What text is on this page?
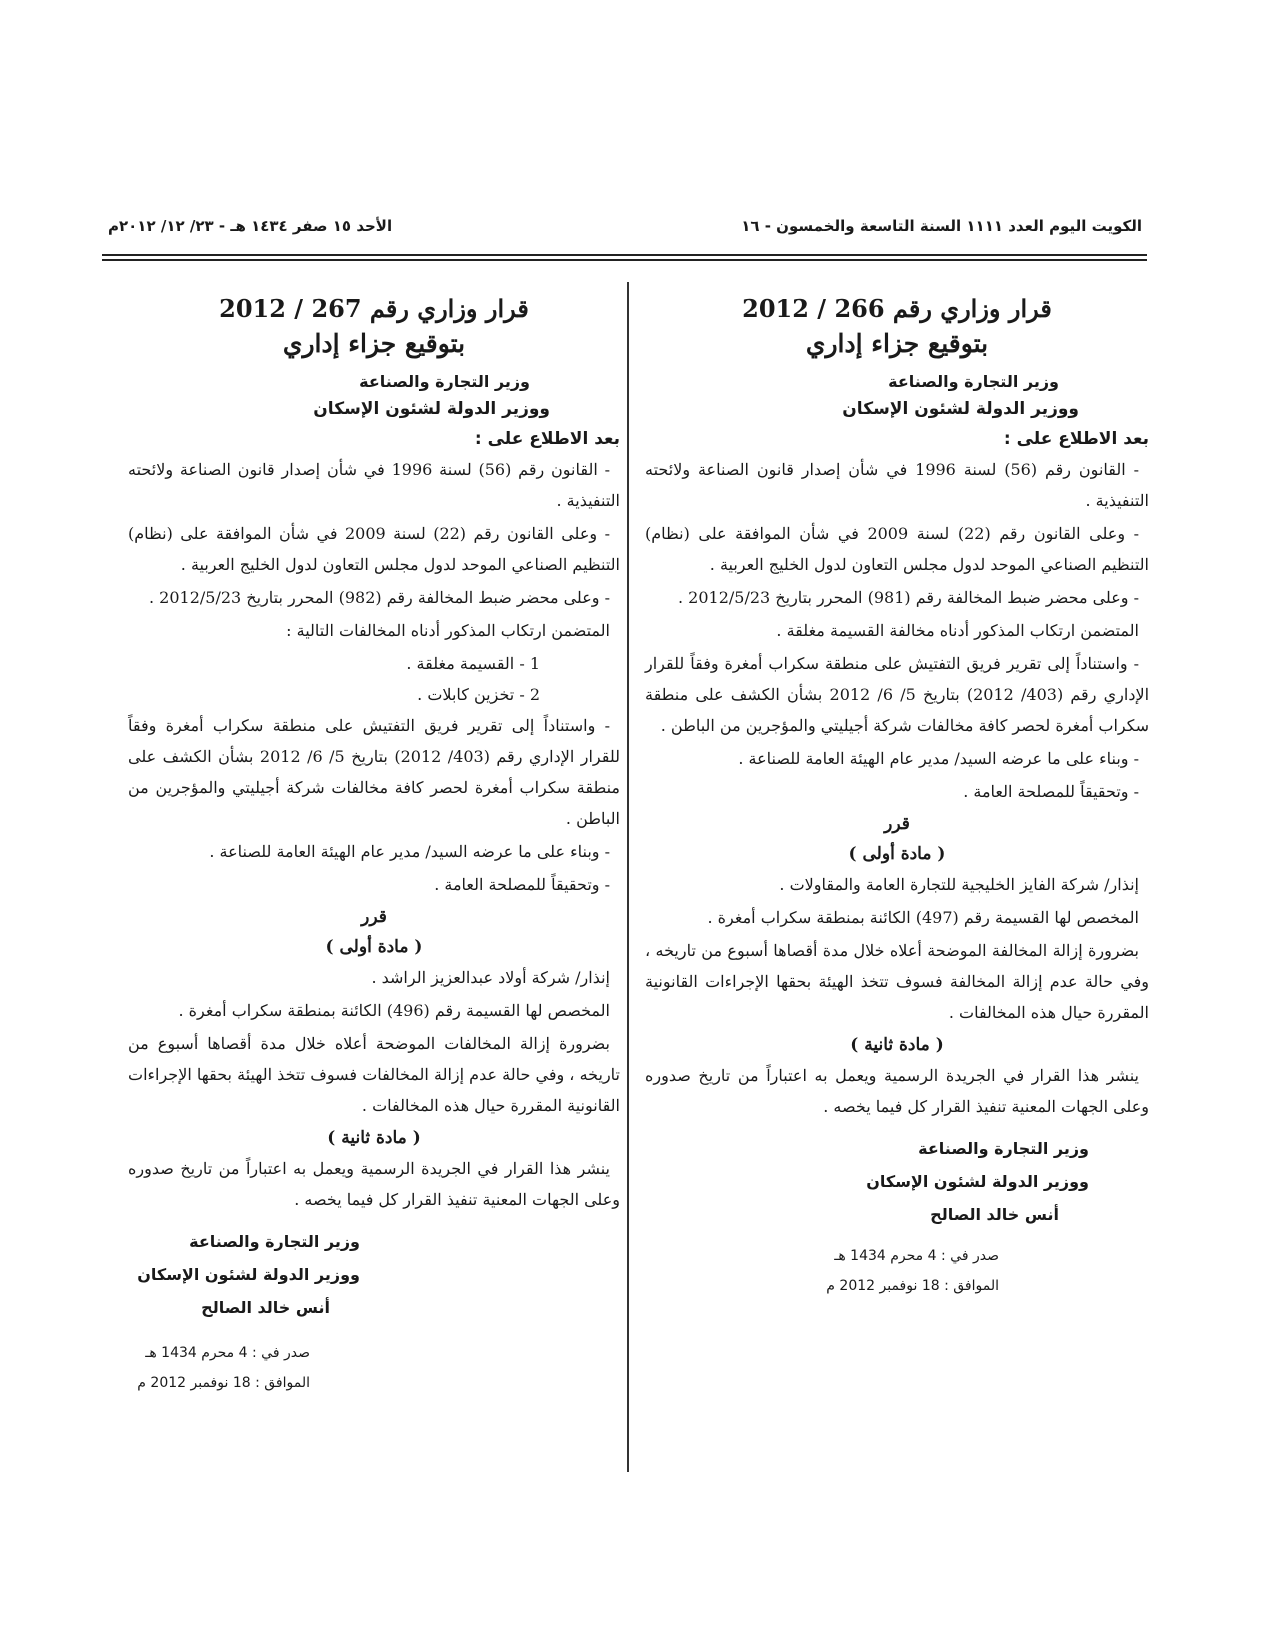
الكويت اليوم العدد ١١١١ السنة التاسعة والخمسون - ١٦
الأحد ١٥ صفر ١٤٣٤ هـ - ٢٣/ ١٢/ ٢٠١٢م
قرار وزاري رقم 266 / 2012
بتوقيع جزاء إداري
وزير التجارة والصناعة
ووزير الدولة لشئون الإسكان
بعد الاطلاع على :
- القانون رقم (56) لسنة 1996 في شأن إصدار قانون الصناعة ولائحته التنفيذية .
- وعلى القانون رقم (22) لسنة 2009 في شأن الموافقة على (نظام) التنظيم الصناعي الموحد لدول مجلس التعاون لدول الخليج العربية .
- وعلى محضر ضبط المخالفة رقم (981) المحرر بتاريخ 2012/5/23 .
المتضمن ارتكاب المذكور أدناه مخالفة القسيمة مغلقة .
- واستناداً إلى تقرير فريق التفتيش على منطقة سكراب أمغرة وفقاً للقرار الإداري رقم (403/ 2012) بتاريخ 5/ 6/ 2012 بشأن الكشف على منطقة سكراب أمغرة لحصر كافة مخالفات شركة أجيليتي والمؤجرين من الباطن .
- وبناء على ما عرضه السيد/ مدير عام الهيئة العامة للصناعة .
- وتحقيقاً للمصلحة العامة .
قرر
( مادة أولى )
إنذار/ شركة الفايز الخليجية للتجارة العامة والمقاولات .
المخصص لها القسيمة رقم (497) الكائنة بمنطقة سكراب أمغرة .
بضرورة إزالة المخالفة الموضحة أعلاه خلال مدة أقصاها أسبوع من تاريخه ، وفي حالة عدم إزالة المخالفة فسوف تتخذ الهيئة بحقها الإجراءات القانونية المقررة حيال هذه المخالفات .
( مادة ثانية )
ينشر هذا القرار في الجريدة الرسمية ويعمل به اعتباراً من تاريخ صدوره وعلى الجهات المعنية تنفيذ القرار كل فيما يخصه .
وزير التجارة والصناعة
ووزير الدولة لشئون الإسكان
أنس خالد الصالح
صدر في : 4 محرم 1434 هـ
الموافق : 18 نوفمبر 2012 م
قرار وزاري رقم 267 / 2012
بتوقيع جزاء إداري
وزير التجارة والصناعة
ووزير الدولة لشئون الإسكان
بعد الاطلاع على :
- القانون رقم (56) لسنة 1996 في شأن إصدار قانون الصناعة ولائحته التنفيذية .
- وعلى القانون رقم (22) لسنة 2009 في شأن الموافقة على (نظام) التنظيم الصناعي الموحد لدول مجلس التعاون لدول الخليج العربية .
- وعلى محضر ضبط المخالفة رقم (982) المحرر بتاريخ 2012/5/23 .
المتضمن ارتكاب المذكور أدناه المخالفات التالية :
1 - القسيمة مغلقة .
2 - تخزين كابلات .
- واستناداً إلى تقرير فريق التفتيش على منطقة سكراب أمغرة وفقاً للقرار الإداري رقم (403/ 2012) بتاريخ 5/ 6/ 2012 بشأن الكشف على منطقة سكراب أمغرة لحصر كافة مخالفات شركة أجيليتي والمؤجرين من الباطن .
- وبناء على ما عرضه السيد/ مدير عام الهيئة العامة للصناعة .
- وتحقيقاً للمصلحة العامة .
قرر
( مادة أولى )
إنذار/ شركة أولاد عبدالعزيز الراشد .
المخصص لها القسيمة رقم (496) الكائنة بمنطقة سكراب أمغرة .
بضرورة إزالة المخالفات الموضحة أعلاه خلال مدة أقصاها أسبوع من تاريخه ، وفي حالة عدم إزالة المخالفات فسوف تتخذ الهيئة بحقها الإجراءات القانونية المقررة حيال هذه المخالفات .
( مادة ثانية )
ينشر هذا القرار في الجريدة الرسمية ويعمل به اعتباراً من تاريخ صدوره وعلى الجهات المعنية تنفيذ القرار كل فيما يخصه .
وزير التجارة والصناعة
ووزير الدولة لشئون الإسكان
أنس خالد الصالح
صدر في : 4 محرم 1434 هـ
الموافق : 18 نوفمبر 2012 م
